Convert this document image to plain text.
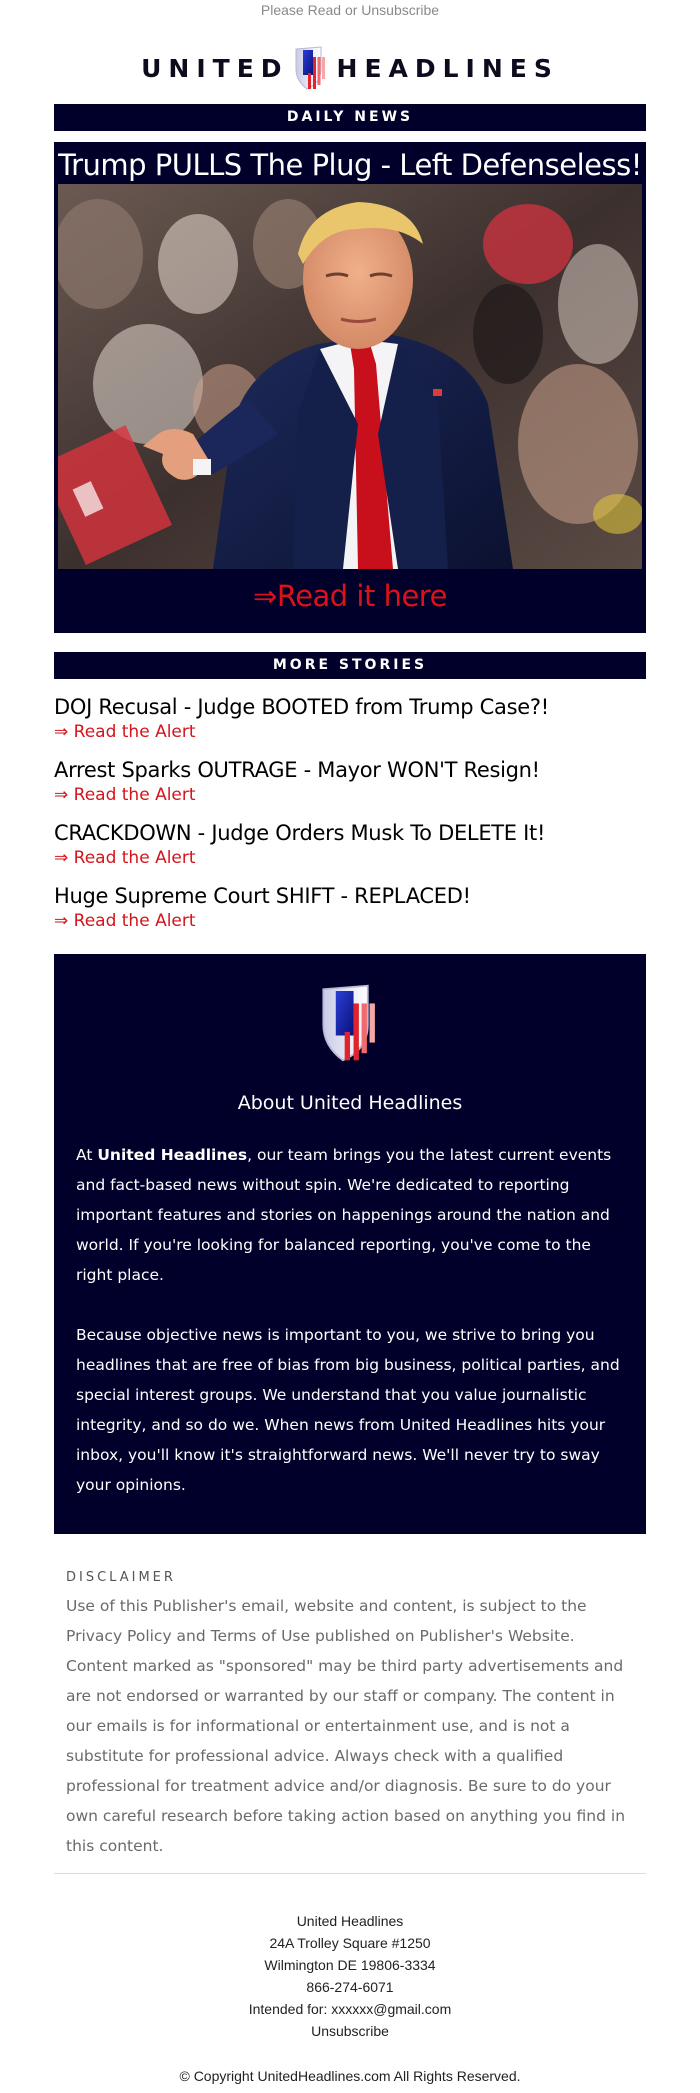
Please Read or Unsubscribe
UNITED HEADLINES
DAILY NEWS
Trump PULLS The Plug - Left Defenseless!
⇒Read it here
MORE STORIES
DOJ Recusal - Judge BOOTED from Trump Case?!
⇒ Read the Alert
Arrest Sparks OUTRAGE - Mayor WON'T Resign!
⇒ Read the Alert
CRACKDOWN - Judge Orders Musk To DELETE It!
⇒ Read the Alert
Huge Supreme Court SHIFT - REPLACED!
⇒ Read the Alert
About United Headlines

At United Headlines, our team brings you the latest current events and fact-based news without spin. We're dedicated to reporting important features and stories on happenings around the nation and world. If you're looking for balanced reporting, you've come to the right place.

Because objective news is important to you, we strive to bring you headlines that are free of bias from big business, political parties, and special interest groups. We understand that you value journalistic integrity, and so do we. When news from United Headlines hits your inbox, you'll know it's straightforward news. We'll never try to sway your opinions.

DISCLAIMER
Use of this Publisher's email, website and content, is subject to the Privacy Policy and Terms of Use published on Publisher's Website. Content marked as "sponsored" may be third party advertisements and are not endorsed or warranted by our staff or company. The content in our emails is for informational or entertainment use, and is not a substitute for professional advice. Always check with a qualified professional for treatment advice and/or diagnosis. Be sure to do your own careful research before taking action based on anything you find in this content.
United Headlines
24A Trolley Square #1250
Wilmington DE 19806-3334
866-274-6071
Intended for: xxxxxx@gmail.com
Unsubscribe
© Copyright UnitedHeadlines.com All Rights Reserved.
